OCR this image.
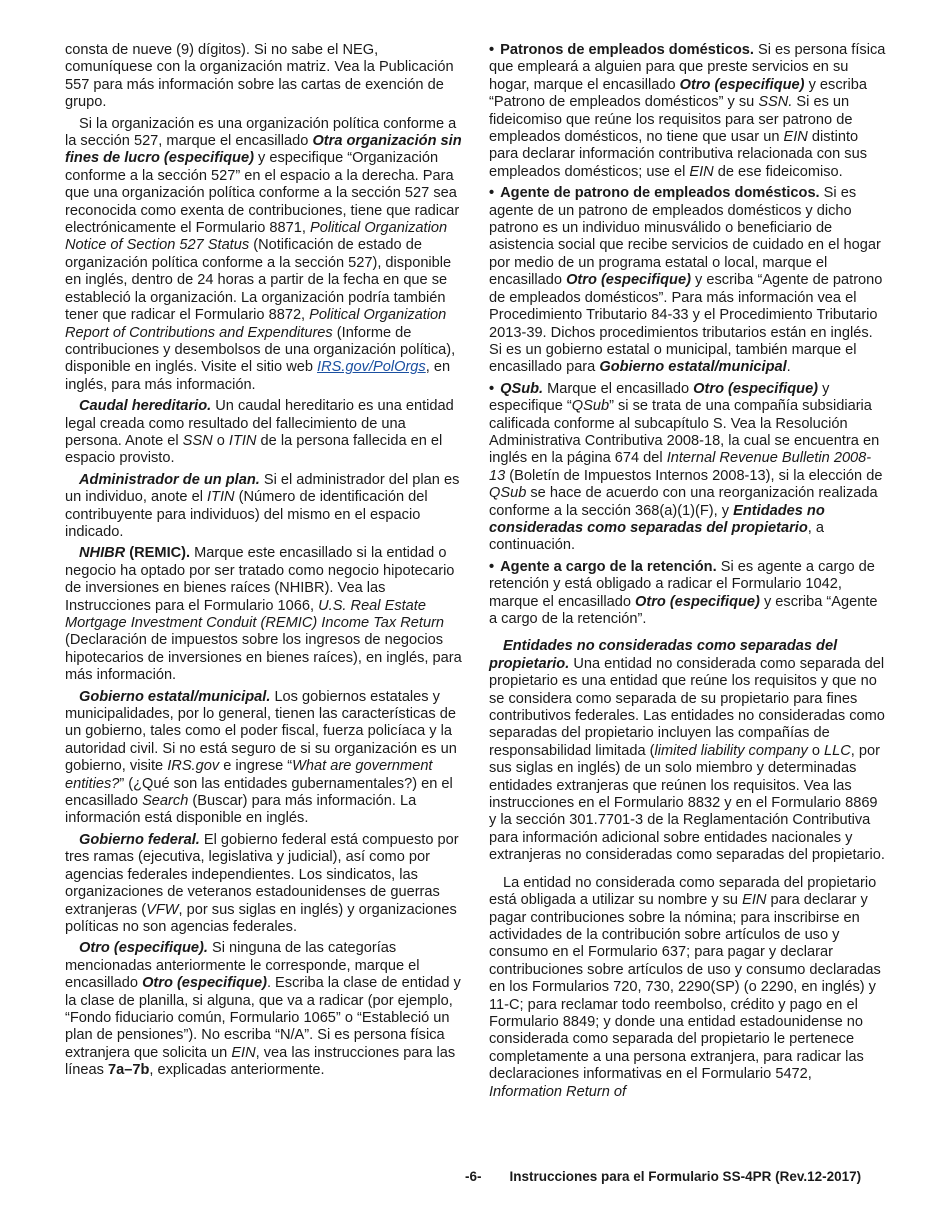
consta de nueve (9) dígitos). Si no sabe el NEG, comuníquese con la organización matriz. Vea la Publicación 557 para más información sobre las cartas de exención de grupo.

Si la organización es una organización política conforme a la sección 527, marque el encasillado Otra organización sin fines de lucro (especifique) y especifique “Organización conforme a la sección 527” en el espacio a la derecha. Para que una organización política conforme a la sección 527 sea reconocida como exenta de contribuciones, tiene que radicar electrónicamente el Formulario 8871, Political Organization Notice of Section 527 Status (Notificación de estado de organización política conforme a la sección 527), disponible en inglés, dentro de 24 horas a partir de la fecha en que se estableció la organización. La organización podría también tener que radicar el Formulario 8872, Political Organization Report of Contributions and Expenditures (Informe de contribuciones y desembolsos de una organización política), disponible en inglés. Visite el sitio web IRS.gov/PolOrgs, en inglés, para más información.

Caudal hereditario. Un caudal hereditario es una entidad legal creada como resultado del fallecimiento de una persona. Anote el SSN o ITIN de la persona fallecida en el espacio provisto.

Administrador de un plan. Si el administrador del plan es un individuo, anote el ITIN (Número de identificación del contribuyente para individuos) del mismo en el espacio indicado.

NHIBR (REMIC). Marque este encasillado si la entidad o negocio ha optado por ser tratado como negocio hipotecario de inversiones en bienes raíces (NHIBR). Vea las Instrucciones para el Formulario 1066, U.S. Real Estate Mortgage Investment Conduit (REMIC) Income Tax Return (Declaración de impuestos sobre los ingresos de negocios hipotecarios de inversiones en bienes raíces), en inglés, para más información.

Gobierno estatal/municipal. Los gobiernos estatales y municipalidades, por lo general, tienen las características de un gobierno, tales como el poder fiscal, fuerza policíaca y la autoridad civil. Si no está seguro de si su organización es un gobierno, visite IRS.gov e ingrese “What are government entities?” (¿Qué son las entidades gubernamentales?) en el encasillado Search (Buscar) para más información. La información está disponible en inglés.

Gobierno federal. El gobierno federal está compuesto por tres ramas (ejecutiva, legislativa y judicial), así como por agencias federales independientes. Los sindicatos, las organizaciones de veteranos estadounidenses de guerras extranjeras (VFW, por sus siglas en inglés) y organizaciones políticas no son agencias federales.

Otro (especifique). Si ninguna de las categorías mencionadas anteriormente le corresponde, marque el encasillado Otro (especifique). Escriba la clase de entidad y la clase de planilla, si alguna, que va a radicar (por ejemplo, “Fondo fiduciario común, Formulario 1065” o “Estableció un plan de pensiones”). No escriba “N/A”. Si es persona física extranjera que solicita un EIN, vea las instrucciones para las líneas 7a–7b, explicadas anteriormente.

• Patronos de empleados domésticos. Si es persona física que empleará a alguien para que preste servicios en su hogar, marque el encasillado Otro (especifique) y escriba “Patrono de empleados domésticos” y su SSN. Si es un fideicomiso que reúne los requisitos para ser patrono de empleados domésticos, no tiene que usar un EIN distinto para declarar información contributiva relacionada con sus empleados domésticos; use el EIN de ese fideicomiso.

• Agente de patrono de empleados domésticos. Si es agente de un patrono de empleados domésticos y dicho patrono es un individuo minusválido o beneficiario de asistencia social que recibe servicios de cuidado en el hogar por medio de un programa estatal o local, marque el encasillado Otro (especifique) y escriba “Agente de patrono de empleados domésticos”. Para más información vea el Procedimiento Tributario 84-33 y el Procedimiento Tributario 2013-39. Dichos procedimientos tributarios están en inglés. Si es un gobierno estatal o municipal, también marque el encasillado para Gobierno estatal/municipal.

• QSub. Marque el encasillado Otro (especifique) y especifique “QSub” si se trata de una compañía subsidiaria calificada conforme al subcapítulo S. Vea la Resolución Administrativa Contributiva 2008-18, la cual se encuentra en inglés en la página 674 del Internal Revenue Bulletin 2008-13 (Boletín de Impuestos Internos 2008-13), si la elección de QSub se hace de acuerdo con una reorganización realizada conforme a la sección 368(a)(1)(F), y Entidades no consideradas como separadas del propietario, a continuación.

• Agente a cargo de la retención. Si es agente a cargo de retención y está obligado a radicar el Formulario 1042, marque el encasillado Otro (especifique) y escriba “Agente a cargo de la retención”.

Entidades no consideradas como separadas del propietario. Una entidad no considerada como separada del propietario es una entidad que reúne los requisitos y que no se considera como separada de su propietario para fines contributivos federales. Las entidades no consideradas como separadas del propietario incluyen las compañías de responsabilidad limitada (limited liability company o LLC, por sus siglas en inglés) de un solo miembro y determinadas entidades extranjeras que reúnen los requisitos. Vea las instrucciones en el Formulario 8832 y en el Formulario 8869 y la sección 301.7701-3 de la Reglamentación Contributiva para información adicional sobre entidades nacionales y extranjeras no consideradas como separadas del propietario.

La entidad no considerada como separada del propietario está obligada a utilizar su nombre y su EIN para declarar y pagar contribuciones sobre la nómina; para inscribirse en actividades de la contribución sobre artículos de uso y consumo en el Formulario 637; para pagar y declarar contribuciones sobre artículos de uso y consumo declaradas en los Formularios 720, 730, 2290(SP) (o 2290, en inglés) y 11-C; para reclamar todo reembolso, crédito y pago en el Formulario 8849; y donde una entidad estadounidense no considerada como separada del propietario le pertenece completamente a una persona extranjera, para radicar las declaraciones informativas en el Formulario 5472, Information Return of

-6- Instrucciones para el Formulario SS-4PR (Rev.12-2017)
